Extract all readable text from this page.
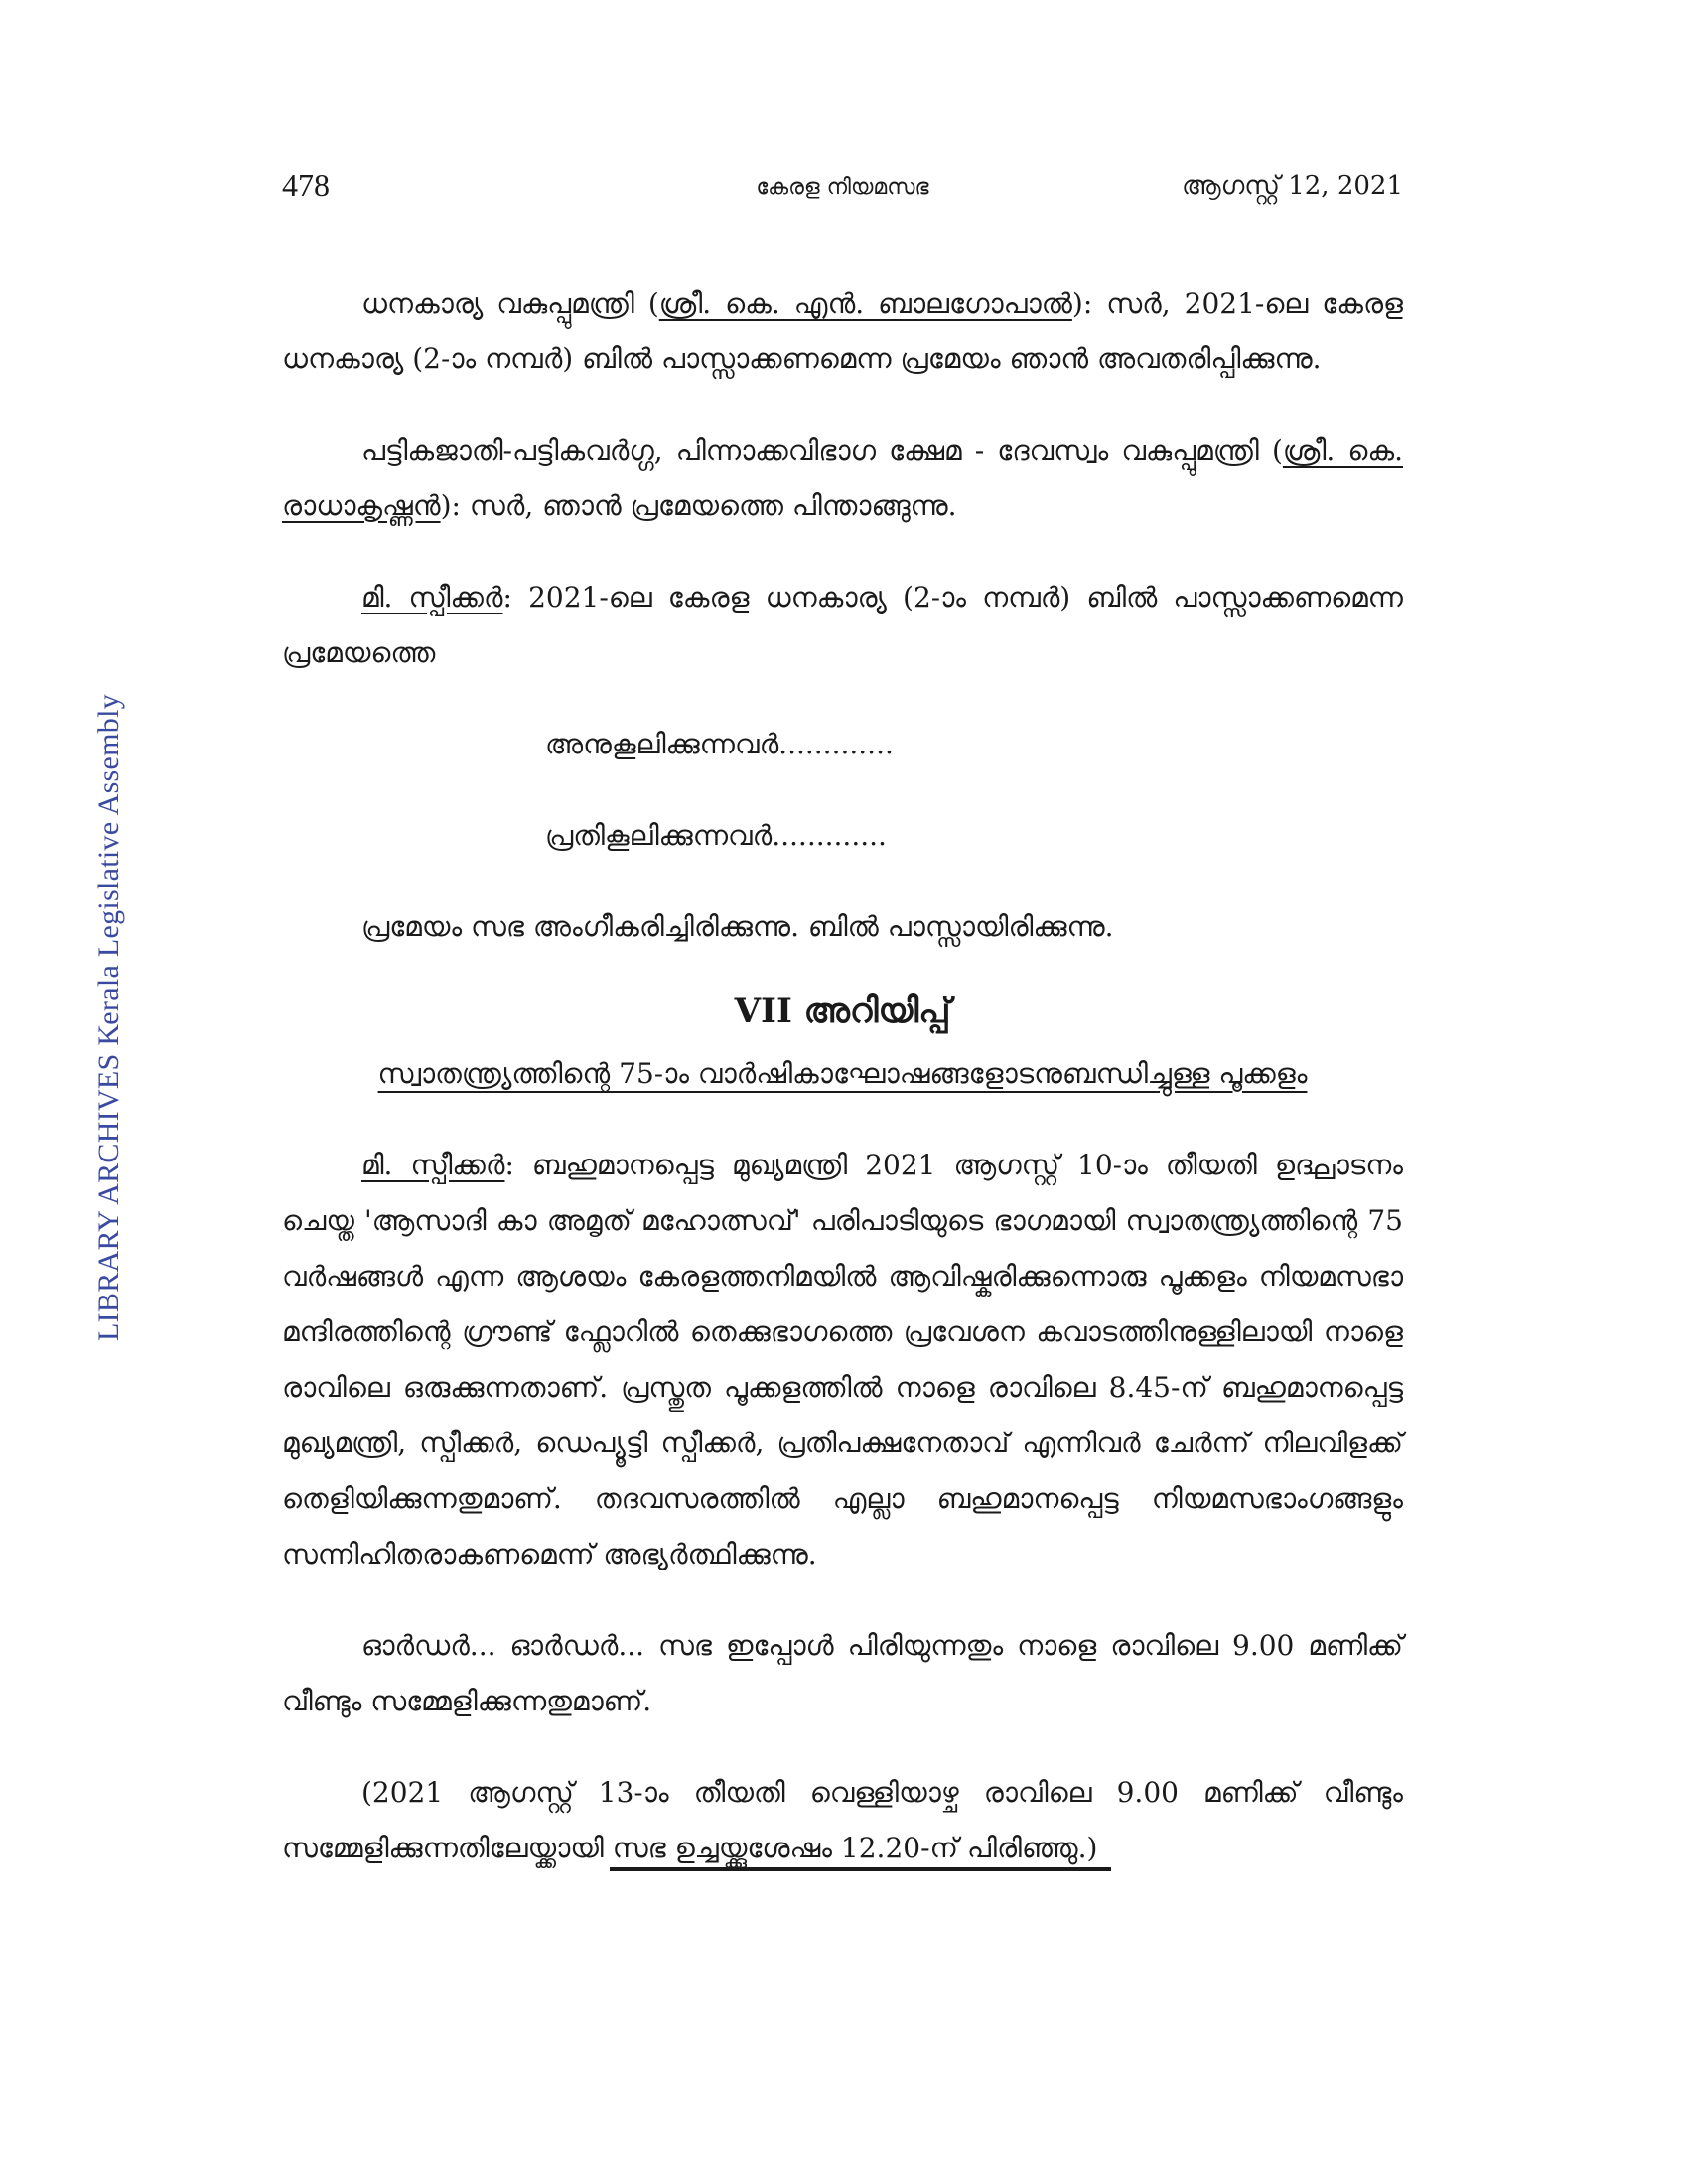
LIBRARY ARCHIVES Kerala Legislative Assembly
478	കേരള നിയമസഭ	ആഗസ്റ്റ് 12, 2021

ധനകാര്യ വകുപ്പുമന്ത്രി (ശ്രീ. കെ. എൻ. ബാലഗോപാൽ): സർ, 2021-ലെ കേരള ധനകാര്യ (2-ാം നമ്പർ) ബിൽ പാസ്സാക്കണമെന്ന പ്രമേയം ഞാൻ അവതരിപ്പിക്കുന്നു.

പട്ടികജാതി-പട്ടികവർഗ്ഗ, പിന്നാക്കവിഭാഗ ക്ഷേമ - ദേവസ്വം വകുപ്പുമന്ത്രി (ശ്രീ. കെ. രാധാകൃഷ്ണൻ): സർ, ഞാൻ പ്രമേയത്തെ പിന്താങ്ങുന്നു.

മി. സ്പീക്കർ: 2021-ലെ കേരള ധനകാര്യ (2-ാം നമ്പർ) ബിൽ പാസ്സാക്കണമെന്ന പ്രമേയത്തെ

അനുകൂലിക്കുന്നവർ.............

പ്രതികൂലിക്കുന്നവർ.............

പ്രമേയം സഭ അംഗീകരിച്ചിരിക്കുന്നു. ബിൽ പാസ്സായിരിക്കുന്നു.

VII അറിയിപ്പ്

സ്വാതന്ത്ര്യത്തിന്റെ 75-ാം വാർഷികാഘോഷങ്ങളോടനുബന്ധിച്ചുള്ള പൂക്കളം

മി. സ്പീക്കർ: ബഹുമാനപ്പെട്ട മുഖ്യമന്ത്രി 2021 ആഗസ്റ്റ് 10-ാം തീയതി ഉദ്ഘാടനം ചെയ്ത 'ആസാദി കാ അമൃത് മഹോത്സവ്' പരിപാടിയുടെ ഭാഗമായി സ്വാതന്ത്ര്യത്തിന്റെ 75 വർഷങ്ങൾ എന്ന ആശയം കേരളത്തനിമയിൽ ആവിഷ്കരിക്കുന്നൊരു പൂക്കളം നിയമസഭാ മന്ദിരത്തിന്റെ ഗ്രൗണ്ട് ഫ്ലോറിൽ തെക്കുഭാഗത്തെ പ്രവേശന കവാടത്തിനുള്ളിലായി നാളെ രാവിലെ ഒരുക്കുന്നതാണ്. പ്രസ്തുത പൂക്കളത്തിൽ നാളെ രാവിലെ 8.45-ന് ബഹുമാനപ്പെട്ട മുഖ്യമന്ത്രി, സ്പീക്കർ, ഡെപ്യൂട്ടി സ്പീക്കർ, പ്രതിപക്ഷനേതാവ് എന്നിവർ ചേർന്ന് നിലവിളക്ക് തെളിയിക്കുന്നതുമാണ്. തദവസരത്തിൽ എല്ലാ ബഹുമാനപ്പെട്ട നിയമസഭാംഗങ്ങളും സന്നിഹിതരാകണമെന്ന് അഭ്യർത്ഥിക്കുന്നു.

ഓർഡർ... ഓർഡർ... സഭ ഇപ്പോൾ പിരിയുന്നതും നാളെ രാവിലെ 9.00 മണിക്ക് വീണ്ടും സമ്മേളിക്കുന്നതുമാണ്.

(2021 ആഗസ്റ്റ് 13-ാം തീയതി വെള്ളിയാഴ്ച രാവിലെ 9.00 മണിക്ക് വീണ്ടും സമ്മേളിക്കുന്നതിലേയ്ക്കായി സഭ ഉച്ചയ്ക്കുശേഷം 12.20-ന് പിരിഞ്ഞു.)
